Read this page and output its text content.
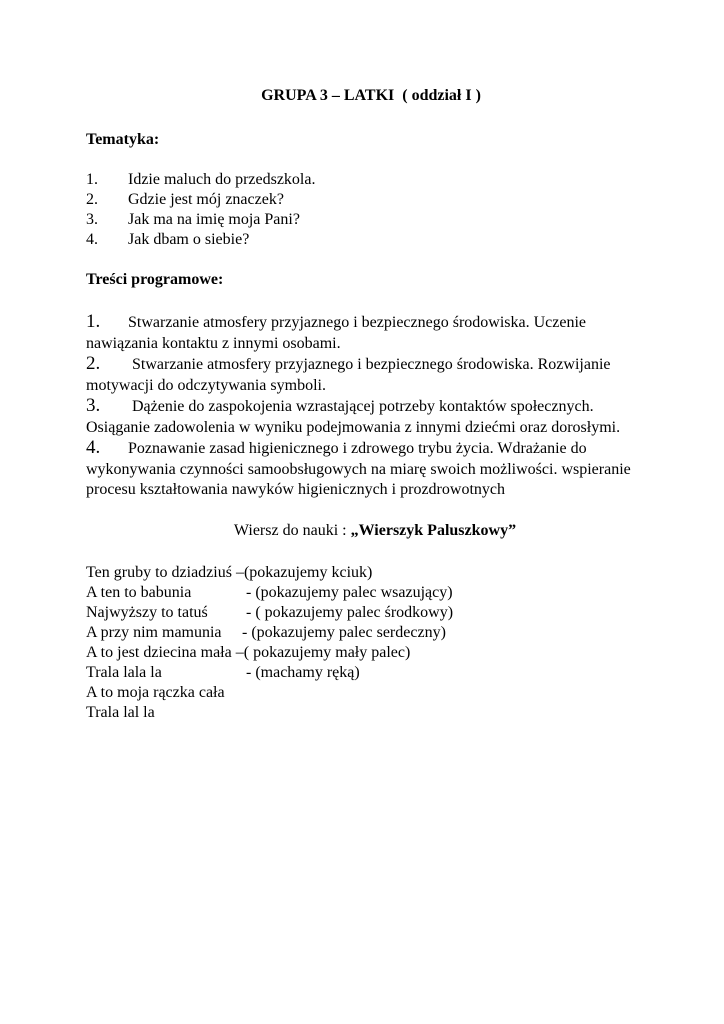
GRUPA 3 – LATKI  ( oddział I )

Tematyka:

1.	Idzie maluch do przedszkola.
2.	Gdzie jest mój znaczek?
3.	Jak ma na imię moja Pani?
4.	Jak dbam o siebie?

Treści programowe:

1. Stwarzanie atmosfery przyjaznego i bezpiecznego środowiska. Uczenie nawiązania kontaktu z innymi osobami.

2. Stwarzanie atmosfery przyjaznego i bezpiecznego środowiska. Rozwijanie motywacji do odczytywania symboli.

3. Dążenie do zaspokojenia wzrastającej potrzeby kontaktów społecznych. Osiąganie zadowolenia w wyniku podejmowania z innymi dziećmi oraz dorosłymi.

4. Poznawanie zasad higienicznego i zdrowego trybu życia. Wdrażanie do wykonywania czynności samoobsługowych na miarę swoich możliwości. wspieranie procesu kształtowania nawyków higienicznych i prozdrowotnych

Wiersz do nauki : „Wierszyk Paluszkowy”

Ten gruby to dziadziuś – (pokazujemy kciuk)

A ten to babunia	- (pokazujemy palec wsazujący)

Najwyższy to tatuś	- ( pokazujemy palec środkowy)

A przy nim mamunia	- (pokazujemy palec serdeczny)

A to jest dziecina mała – ( pokazujemy mały palec)

Trala lala la	- (machamy ręką)

A to moja rączka cała

Trala lal la
